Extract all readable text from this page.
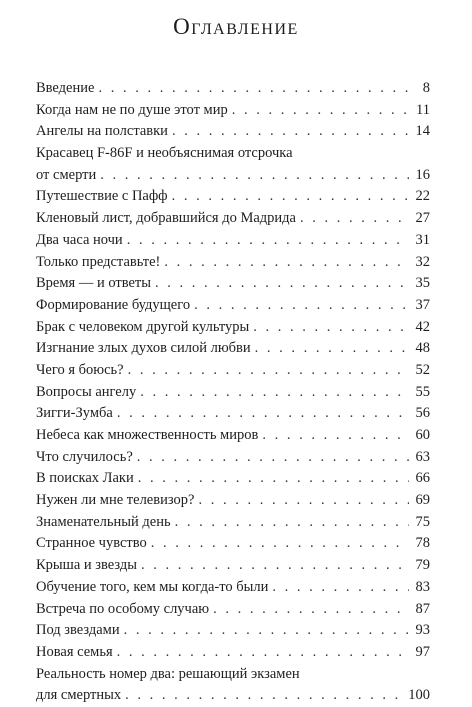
Оглавление
Введение . . .	8
Когда нам не по душе этот мир . . .	11
Ангелы на полставки . . .	14
Красавец F-86F и необъяснимая отсрочка
от смерти . . .	16
Путешествие с Пафф . . .	22
Кленовый лист, добравшийся до Мадрида . . .	27
Два часа ночи . . .	31
Только представьте! . . .	32
Время — и ответы . . .	35
Формирование будущего . . .	37
Брак с человеком другой культуры . . .	42
Изгнание злых духов силой любви . . .	48
Чего я боюсь? . . .	52
Вопросы ангелу . . .	55
Зигги-Зумба . . .	56
Небеса как множественность миров . . .	60
Что случилось? . . .	63
В поисках Лаки . . .	66
Нужен ли мне телевизор? . . .	69
Знаменательный день . . .	75
Странное чувство . . .	78
Крыша и звезды . . .	79
Обучение того, кем мы когда-то были . . .	83
Встреча по особому случаю . . .	87
Под звездами . . .	93
Новая семья . . .	97
Реальность номер два: решающий экзамен
для смертных . . .	100
